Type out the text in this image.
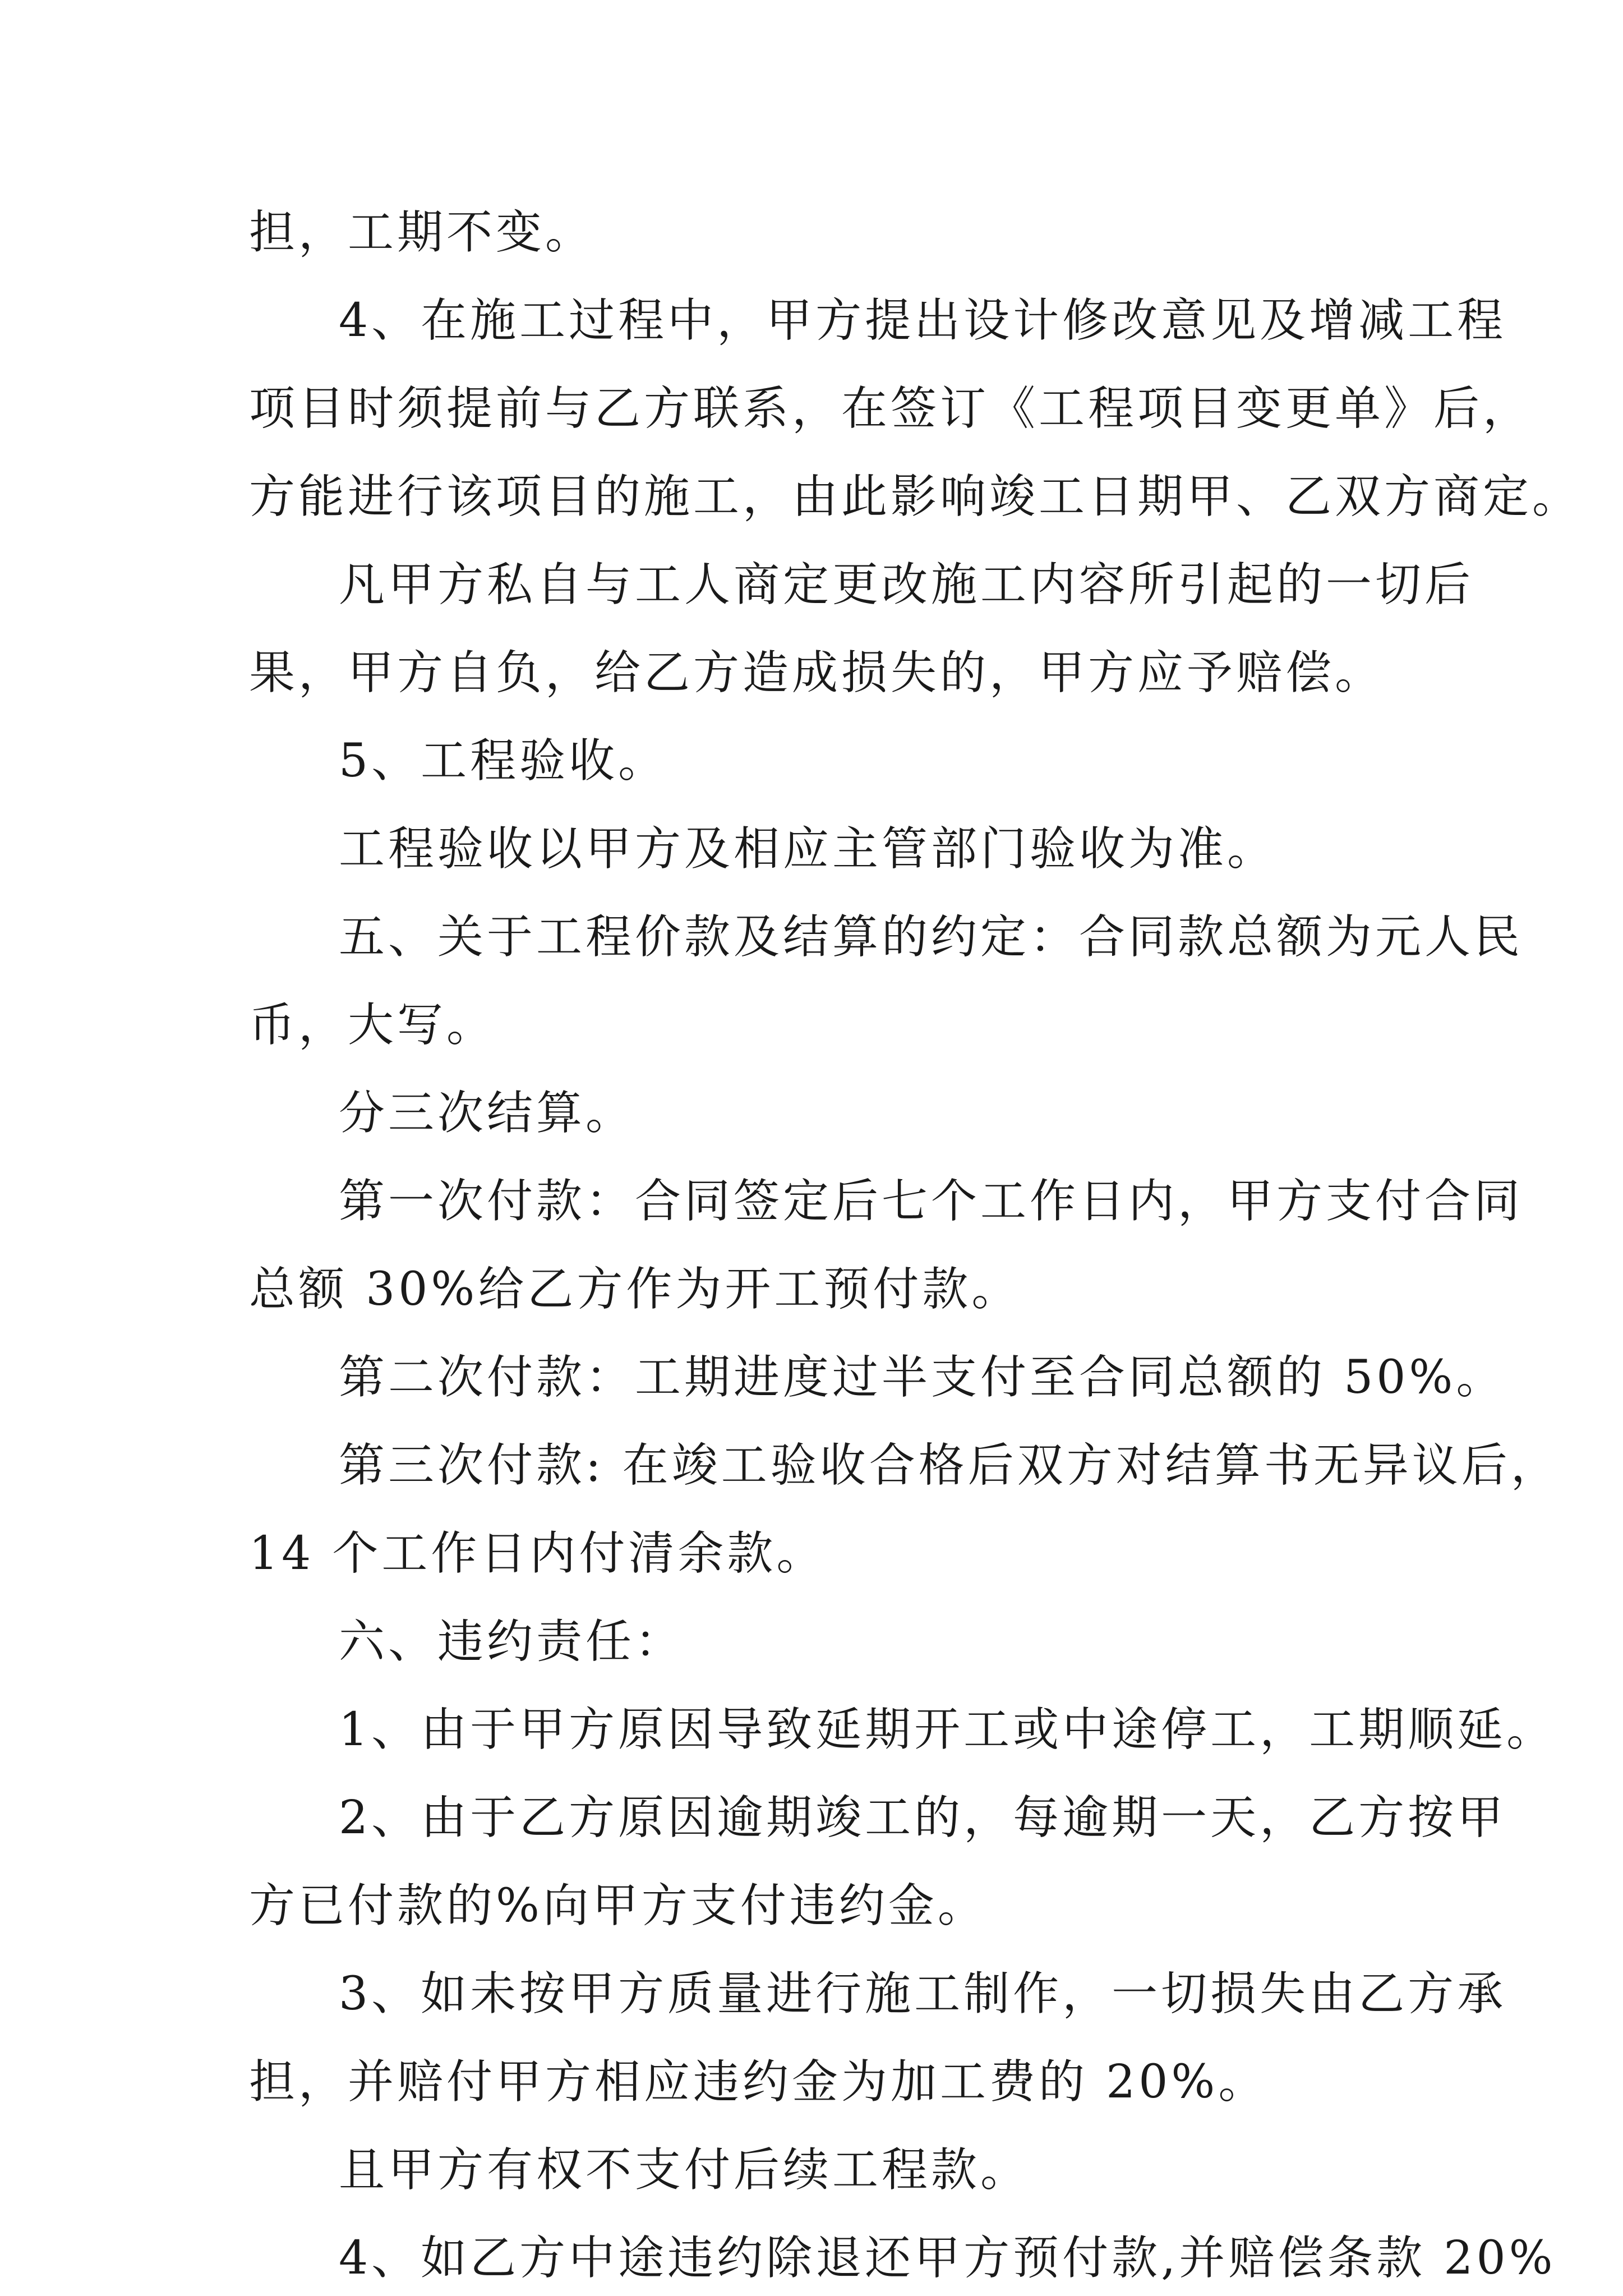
担，工期不变。
4、在施工过程中，甲方提出设计修改意见及增减工程
项目时须提前与乙方联系，在签订《工程项目变更单》后，
方能进行该项目的施工，由此影响竣工日期甲、乙双方商定。
凡甲方私自与工人商定更改施工内容所引起的一切后
果，甲方自负，给乙方造成损失的，甲方应予赔偿。
5、工程验收。
工程验收以甲方及相应主管部门验收为准。
五、关于工程价款及结算的约定：合同款总额为元人民
币，大写。
分三次结算。
第一次付款：合同签定后七个工作日内，甲方支付合同
总额 30%给乙方作为开工预付款。
第二次付款：工期进度过半支付至合同总额的 50%。
第三次付款: 在竣工验收合格后双方对结算书无异议后，
14 个工作日内付清余款。
六、违约责任：
1、由于甲方原因导致延期开工或中途停工，工期顺延。
2、由于乙方原因逾期竣工的，每逾期一天，乙方按甲
方已付款的%向甲方支付违约金。
3、如未按甲方质量进行施工制作，一切损失由乙方承
担，并赔付甲方相应违约金为加工费的 20%。
且甲方有权不支付后续工程款。
4、如乙方中途违约除退还甲方预付款,并赔偿条款 20%
